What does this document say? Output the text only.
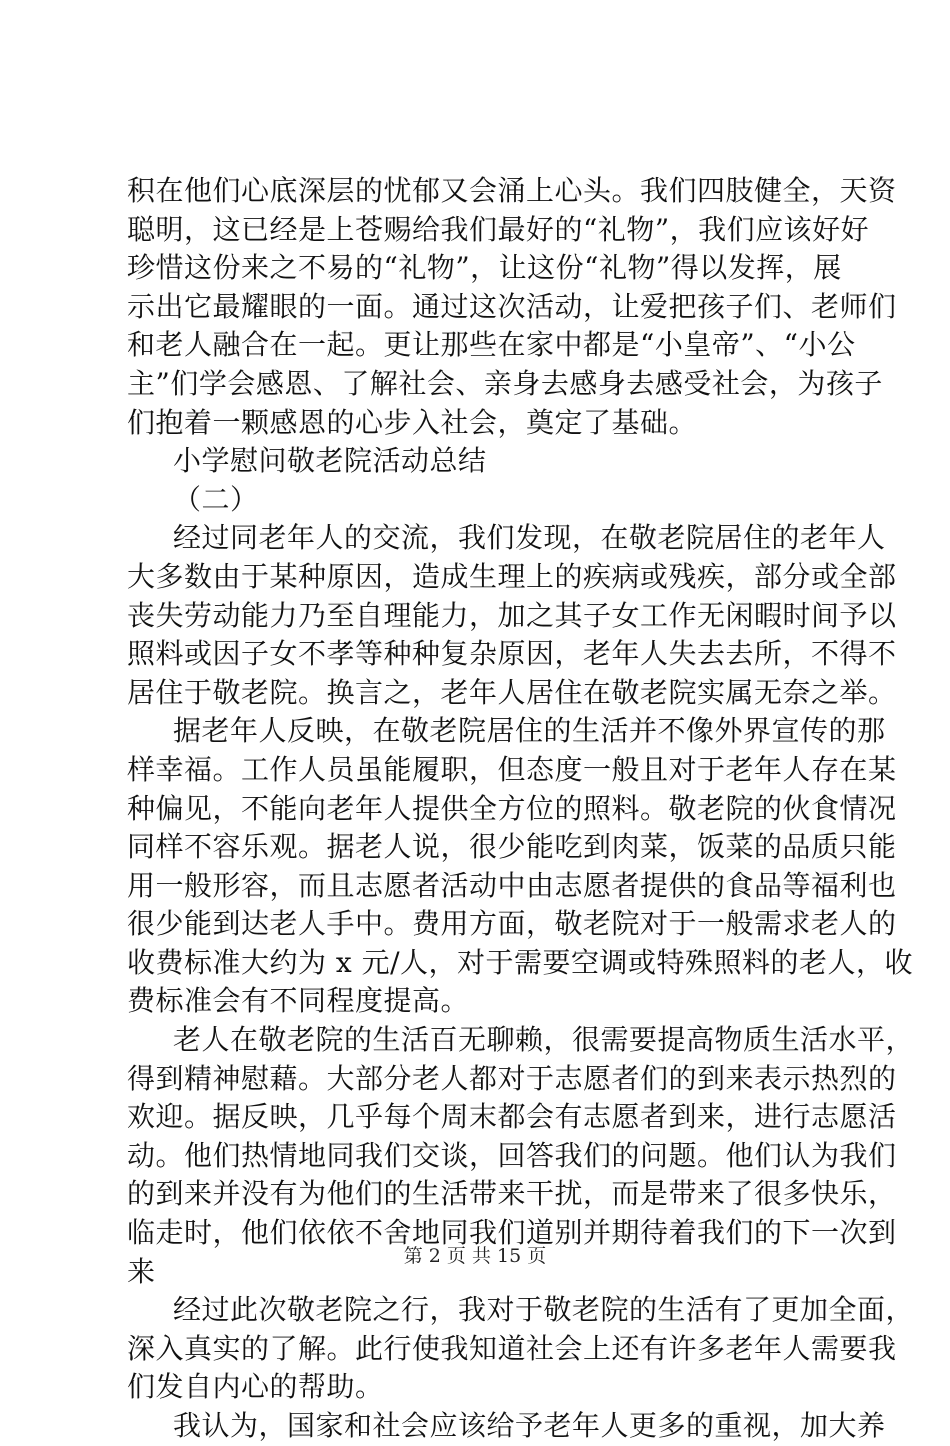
积在他们心底深层的忧郁又会涌上心头。我们四肢健全，天资
聪明，这已经是上苍赐给我们最好的“礼物”，我们应该好好
珍惜这份来之不易的“礼物”，让这份“礼物”得以发挥，展
示出它最耀眼的一面。通过这次活动，让爱把孩子们、老师们
和老人融合在一起。更让那些在家中都是“小皇帝”、“小公
主”们学会感恩、了解社会、亲身去感身去感受社会，为孩子
们抱着一颗感恩的心步入社会，奠定了基础。
小学慰问敬老院活动总结
（二）
经过同老年人的交流，我们发现，在敬老院居住的老年人
大多数由于某种原因，造成生理上的疾病或残疾，部分或全部
丧失劳动能力乃至自理能力，加之其子女工作无闲暇时间予以
照料或因子女不孝等种种复杂原因，老年人失去去所，不得不
居住于敬老院。换言之，老年人居住在敬老院实属无奈之举。
据老年人反映，在敬老院居住的生活并不像外界宣传的那
样幸福。工作人员虽能履职，但态度一般且对于老年人存在某
种偏见，不能向老年人提供全方位的照料。敬老院的伙食情况
同样不容乐观。据老人说，很少能吃到肉菜，饭菜的品质只能
用一般形容，而且志愿者活动中由志愿者提供的食品等福利也
很少能到达老人手中。费用方面，敬老院对于一般需求老人的
收费标准大约为 x 元/人，对于需要空调或特殊照料的老人，收
费标准会有不同程度提高。
老人在敬老院的生活百无聊赖，很需要提高物质生活水平，
得到精神慰藉。大部分老人都对于志愿者们的到来表示热烈的
欢迎。据反映，几乎每个周末都会有志愿者到来，进行志愿活
动。他们热情地同我们交谈，回答我们的问题。他们认为我们
的到来并没有为他们的生活带来干扰，而是带来了很多快乐，
临走时，他们依依不舍地同我们道别并期待着我们的下一次到
来
经过此次敬老院之行，我对于敬老院的生活有了更加全面，
深入真实的了解。此行使我知道社会上还有许多老年人需要我
们发自内心的帮助。
我认为，国家和社会应该给予老年人更多的重视，加大养
第 2 页 共 15 页
